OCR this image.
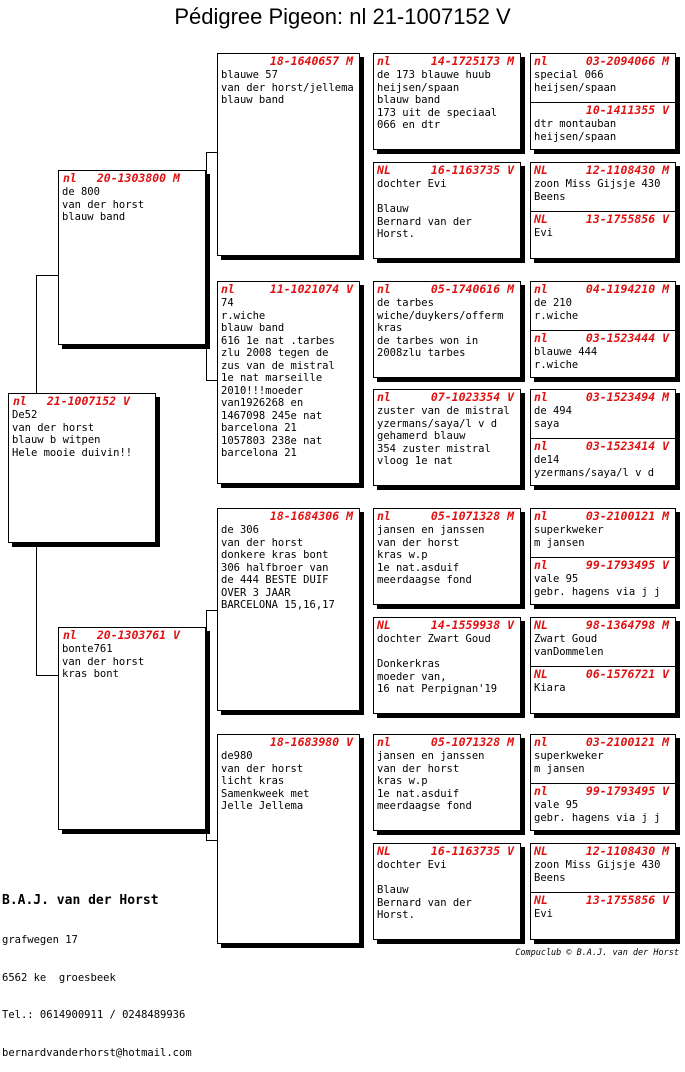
Pédigree Pigeon: nl 21-1007152 V
nl 21-1007152 V
De52
van der horst
blauw b witpen
Hele mooie duivin!!
nl 20-1303800 M
de 800
van der horst
blauw band
nl 20-1303761 V
bonte761
van der horst
kras bont
18-1640657 M
blauwe 57
van der horst/jellema
blauw band
nl	11-1021074 V
74
r.wiche
blauw band
616 1e nat .tarbes
zlu 2008 tegen de
zus van de mistral
1e nat marseille
2010!!!moeder
van1926268 en
1467098 245e nat
barcelona 21
1057803 238e nat
barcelona 21
18-1684306 M
de 306
van der horst
donkere kras bont
306 halfbroer van
de 444 BESTE DUIF
OVER 3 JAAR
BARCELONA 15,16,17
18-1683980 V
de980
van der horst
licht kras
Samenkweek met
Jelle Jellema
nl	14-1725173 M
de 173 blauwe huub
heijsen/spaan
blauw band
173 uit de speciaal
066 en dtr
NL	16-1163735 V
dochter Evi
Blauw
Bernard van der
Horst.
nl	05-1740616 M
de tarbes
wiche/duykers/offerm
kras
de tarbes won in
2008zlu tarbes
nl	07-1023354 V
zuster van de mistral
yzermans/saya/l v d
gehamerd blauw
354 zuster mistral
vloog 1e nat
nl	05-1071328 M
jansen en janssen
van der horst
kras w.p
1e nat.asduif
meerdaagse fond
NL	14-1559938 V
dochter Zwart Goud
Donkerkras
moeder van,
16 nat Perpignan'19
nl	05-1071328 M
jansen en janssen
van der horst
kras w.p
1e nat.asduif
meerdaagse fond
NL	16-1163735 V
dochter Evi
Blauw
Bernard van der
Horst.
nl	03-2094066 M
special 066
heijsen/spaan
10-1411355 V
dtr montauban
heijsen/spaan
NL	12-1108430 M
zoon Miss Gijsje 430
Beens
NL	13-1755856 V
Evi
nl	04-1194210 M
de 210
r.wiche
nl	03-1523444 V
blauwe 444
r.wiche
nl	03-1523494 M
de 494
saya
nl	03-1523414 V
de14
yzermans/saya/l v d
nl	03-2100121 M
superkweker
m jansen
nl	99-1793495 V
vale 95
gebr. hagens via j j
NL	98-1364798 M
Zwart Goud
vanDommelen
NL	06-1576721 V
Kiara
nl	03-2100121 M
superkweker
m jansen
nl	99-1793495 V
vale 95
gebr. hagens via j j
NL	12-1108430 M
zoon Miss Gijsje 430
Beens
NL	13-1755856 V
Evi

B.A.J. van der Horst

grafwegen 17

6562 ke  groesbeek

Tel.: 0614900911 / 0248489936

bernardvanderhorst@hotmail.com

Compuclub © B.A.J. van der Horst
